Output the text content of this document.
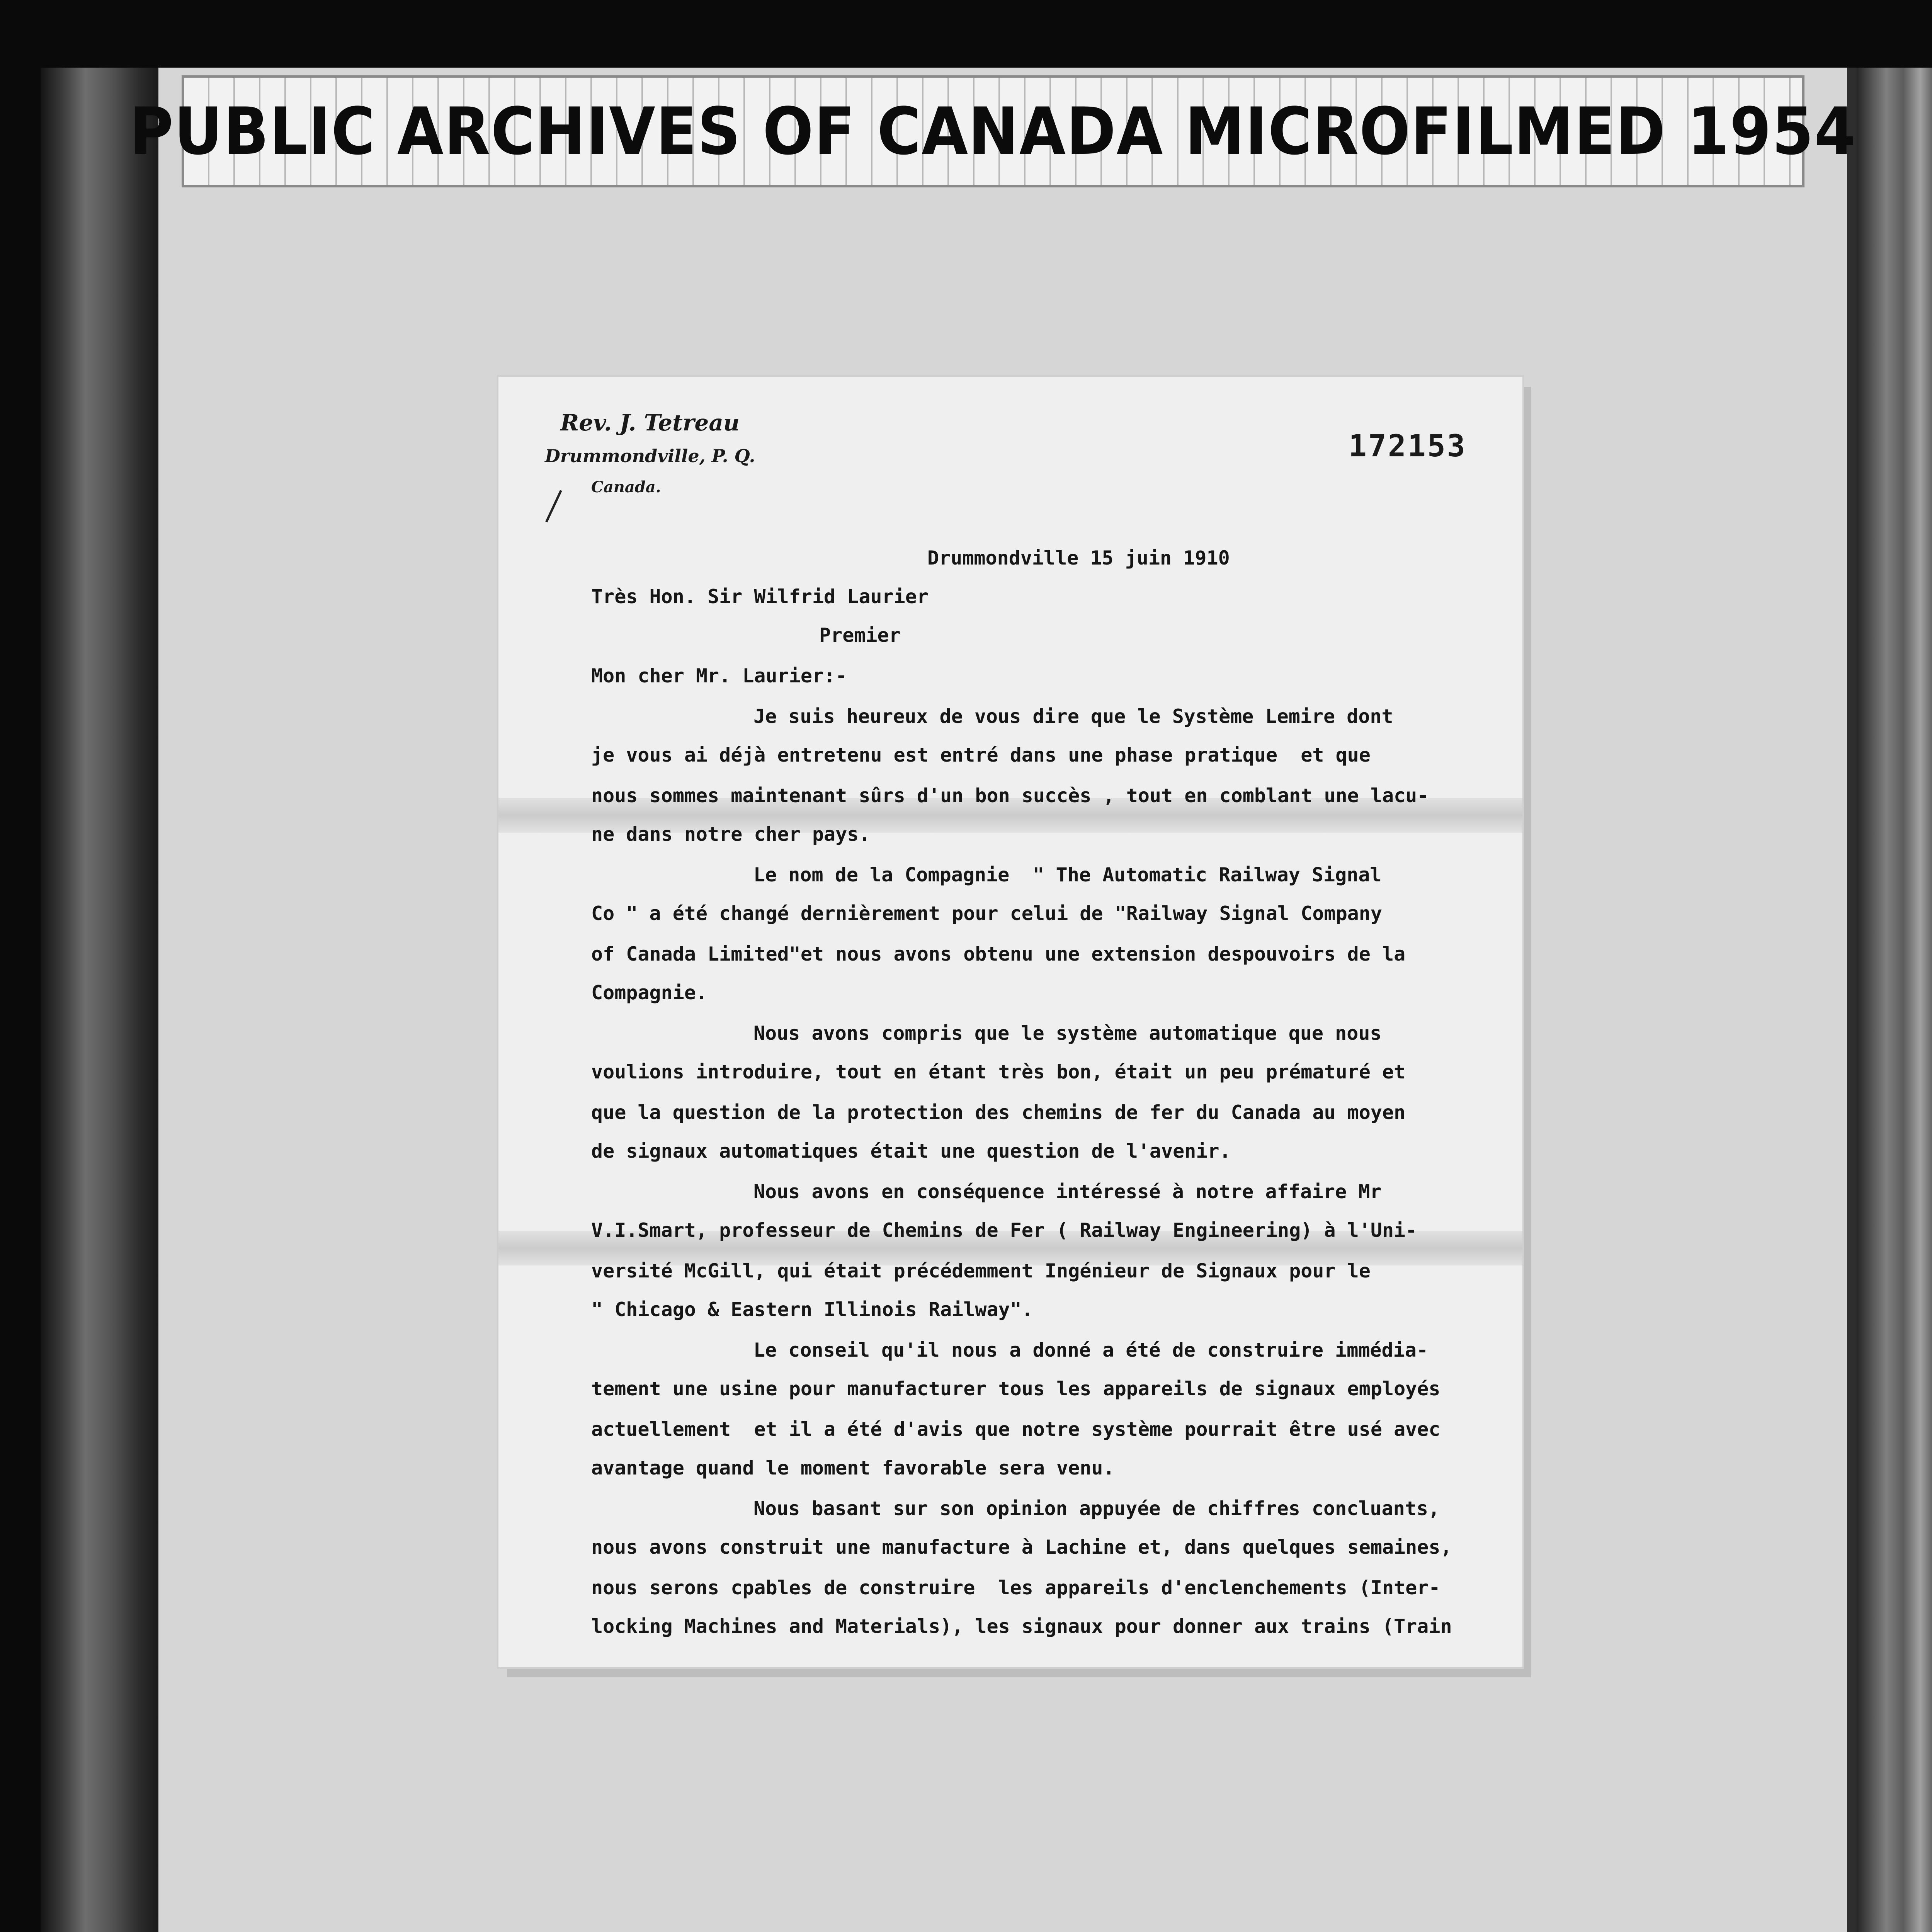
PUBLIC ARCHIVES OF CANADA MICROFILMED 1954
Rev. J. Tetreau
Drummondville, P. Q.
Canada.
172153
Drummondville 15 juin 1910
Très Hon. Sir Wilfrid Laurier
Premier
Mon cher Mr. Laurier:-
Je suis heureux de vous dire que le Système Lemire dont
je vous ai déjà entretenu est entré dans une phase pratique  et que
nous sommes maintenant sûrs d'un bon succès , tout en comblant une lacu-
ne dans notre cher pays.
Le nom de la Compagnie  " The Automatic Railway Signal
Co " a été changé dernièrement pour celui de "Railway Signal Company
of Canada Limited"et nous avons obtenu une extension despouvoirs de la
Compagnie.
Nous avons compris que le système automatique que nous
voulions introduire, tout en étant très bon, était un peu prématuré et
que la question de la protection des chemins de fer du Canada au moyen
de signaux automatiques était une question de l'avenir.
Nous avons en conséquence intéressé à notre affaire Mr
V.I.Smart, professeur de Chemins de Fer ( Railway Engineering) à l'Uni-
versité McGill, qui était précédemment Ingénieur de Signaux pour le
" Chicago & Eastern Illinois Railway".
Le conseil qu'il nous a donné a été de construire immédia-
tement une usine pour manufacturer tous les appareils de signaux employés
actuellement  et il a été d'avis que notre système pourrait être usé avec
avantage quand le moment favorable sera venu.
Nous basant sur son opinion appuyée de chiffres concluants,
nous avons construit une manufacture à Lachine et, dans quelques semaines,
nous serons cpables de construire  les appareils d'enclenchements (Inter-
locking Machines and Materials), les signaux pour donner aux trains (Train
